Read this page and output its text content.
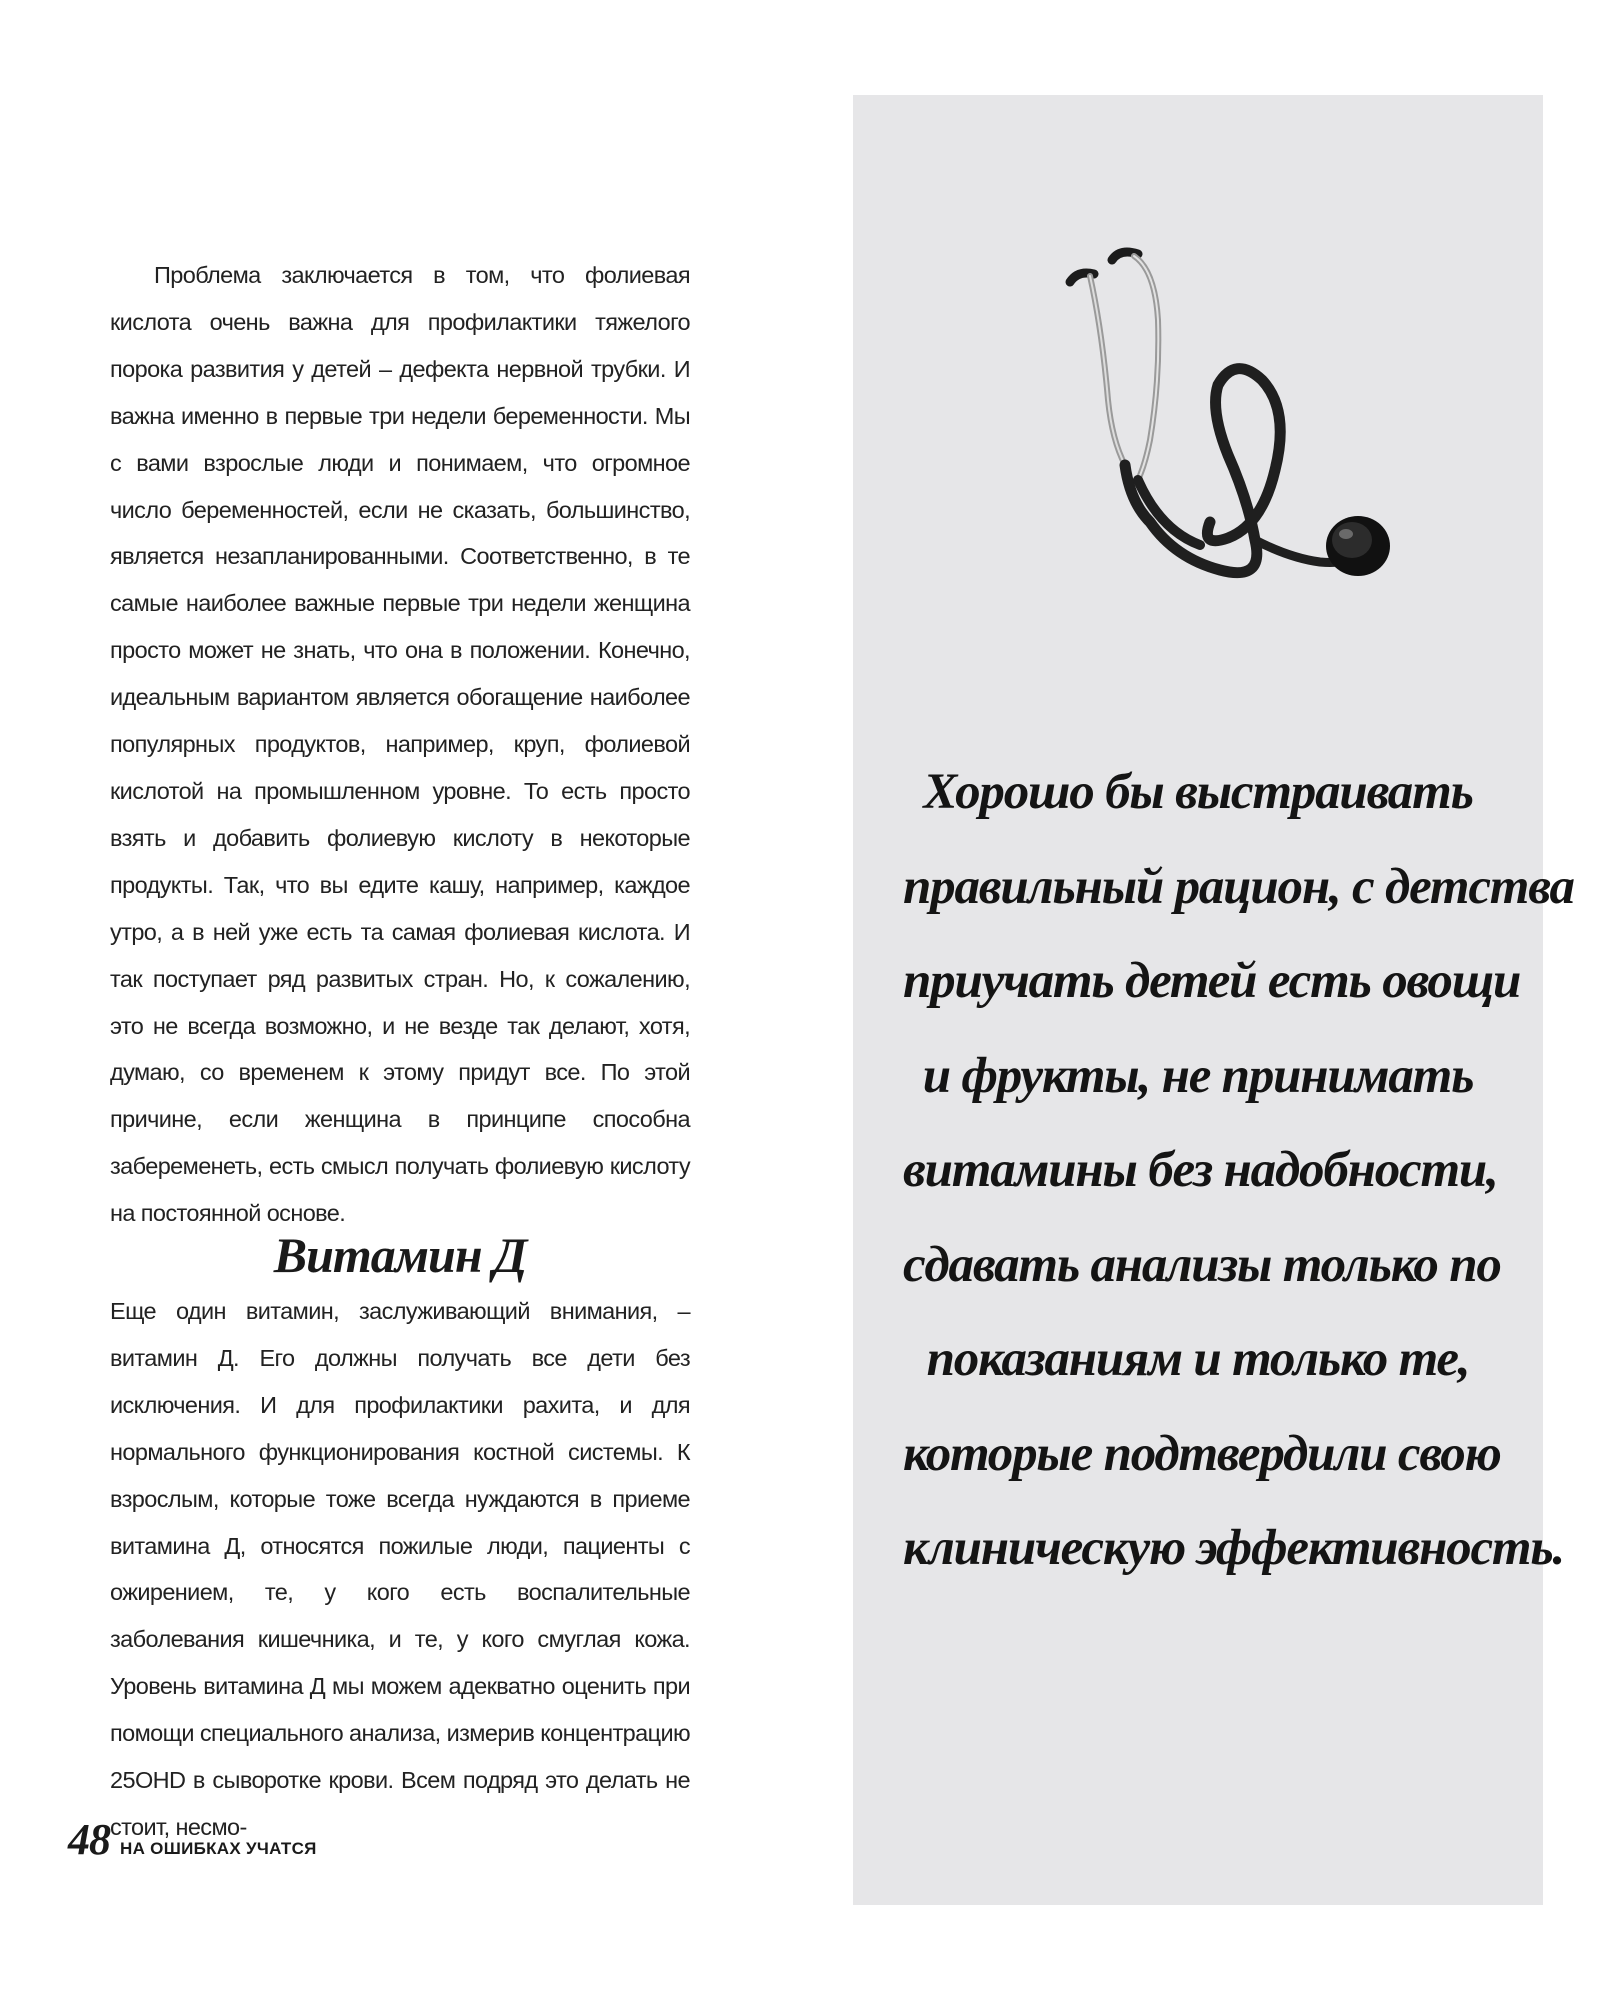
Проблема заключается в том, что фолиевая кислота очень важна для профилактики тяжелого порока развития у детей – дефекта нервной трубки. И важна именно в первые три недели беременности. Мы с вами взрослые люди и понимаем, что огромное число беременностей, если не сказать, большинство, является незапланированными. Соответственно, в те самые наиболее важные первые три недели женщина просто может не знать, что она в положении. Конечно, идеальным вариантом является обогащение наиболее популярных продуктов, например, круп, фолиевой кислотой на промышленном уровне. То есть просто взять и добавить фолиевую кислоту в некоторые продукты. Так, что вы едите кашу, например, каждое утро, а в ней уже есть та самая фолиевая кислота. И так поступает ряд развитых стран. Но, к сожалению, это не всегда возможно, и не везде так делают, хотя, думаю, со временем к этому придут все. По этой причине, если женщина в принципе способна забеременеть, есть смысл получать фолиевую кислоту на постоянной основе.

Витамин Д

Еще один витамин, заслуживающий внимания, – витамин Д. Его должны получать все дети без исключения. И для профилактики рахита, и для нормального функционирования костной системы. К взрослым, которые тоже всегда нуждаются в приеме витамина Д, относятся пожилые люди, пациенты с ожирением, те, у кого есть воспалительные заболевания кишечника, и те, у кого смуглая кожа. Уровень витамина Д мы можем адекватно оценить при помощи специального анализа, измерив концентрацию 25OHD в сыворотке крови. Всем подряд это делать не стоит, несмо-

48 НА ОШИБКАХ УЧАТСЯ
Хорошо бы выстраивать
правильный рацион, с детства
приучать детей есть овощи
и фрукты, не принимать
витамины без надобности,
сдавать анализы только по
показаниям и только те,
которые подтвердили свою
клиническую эффективность.
